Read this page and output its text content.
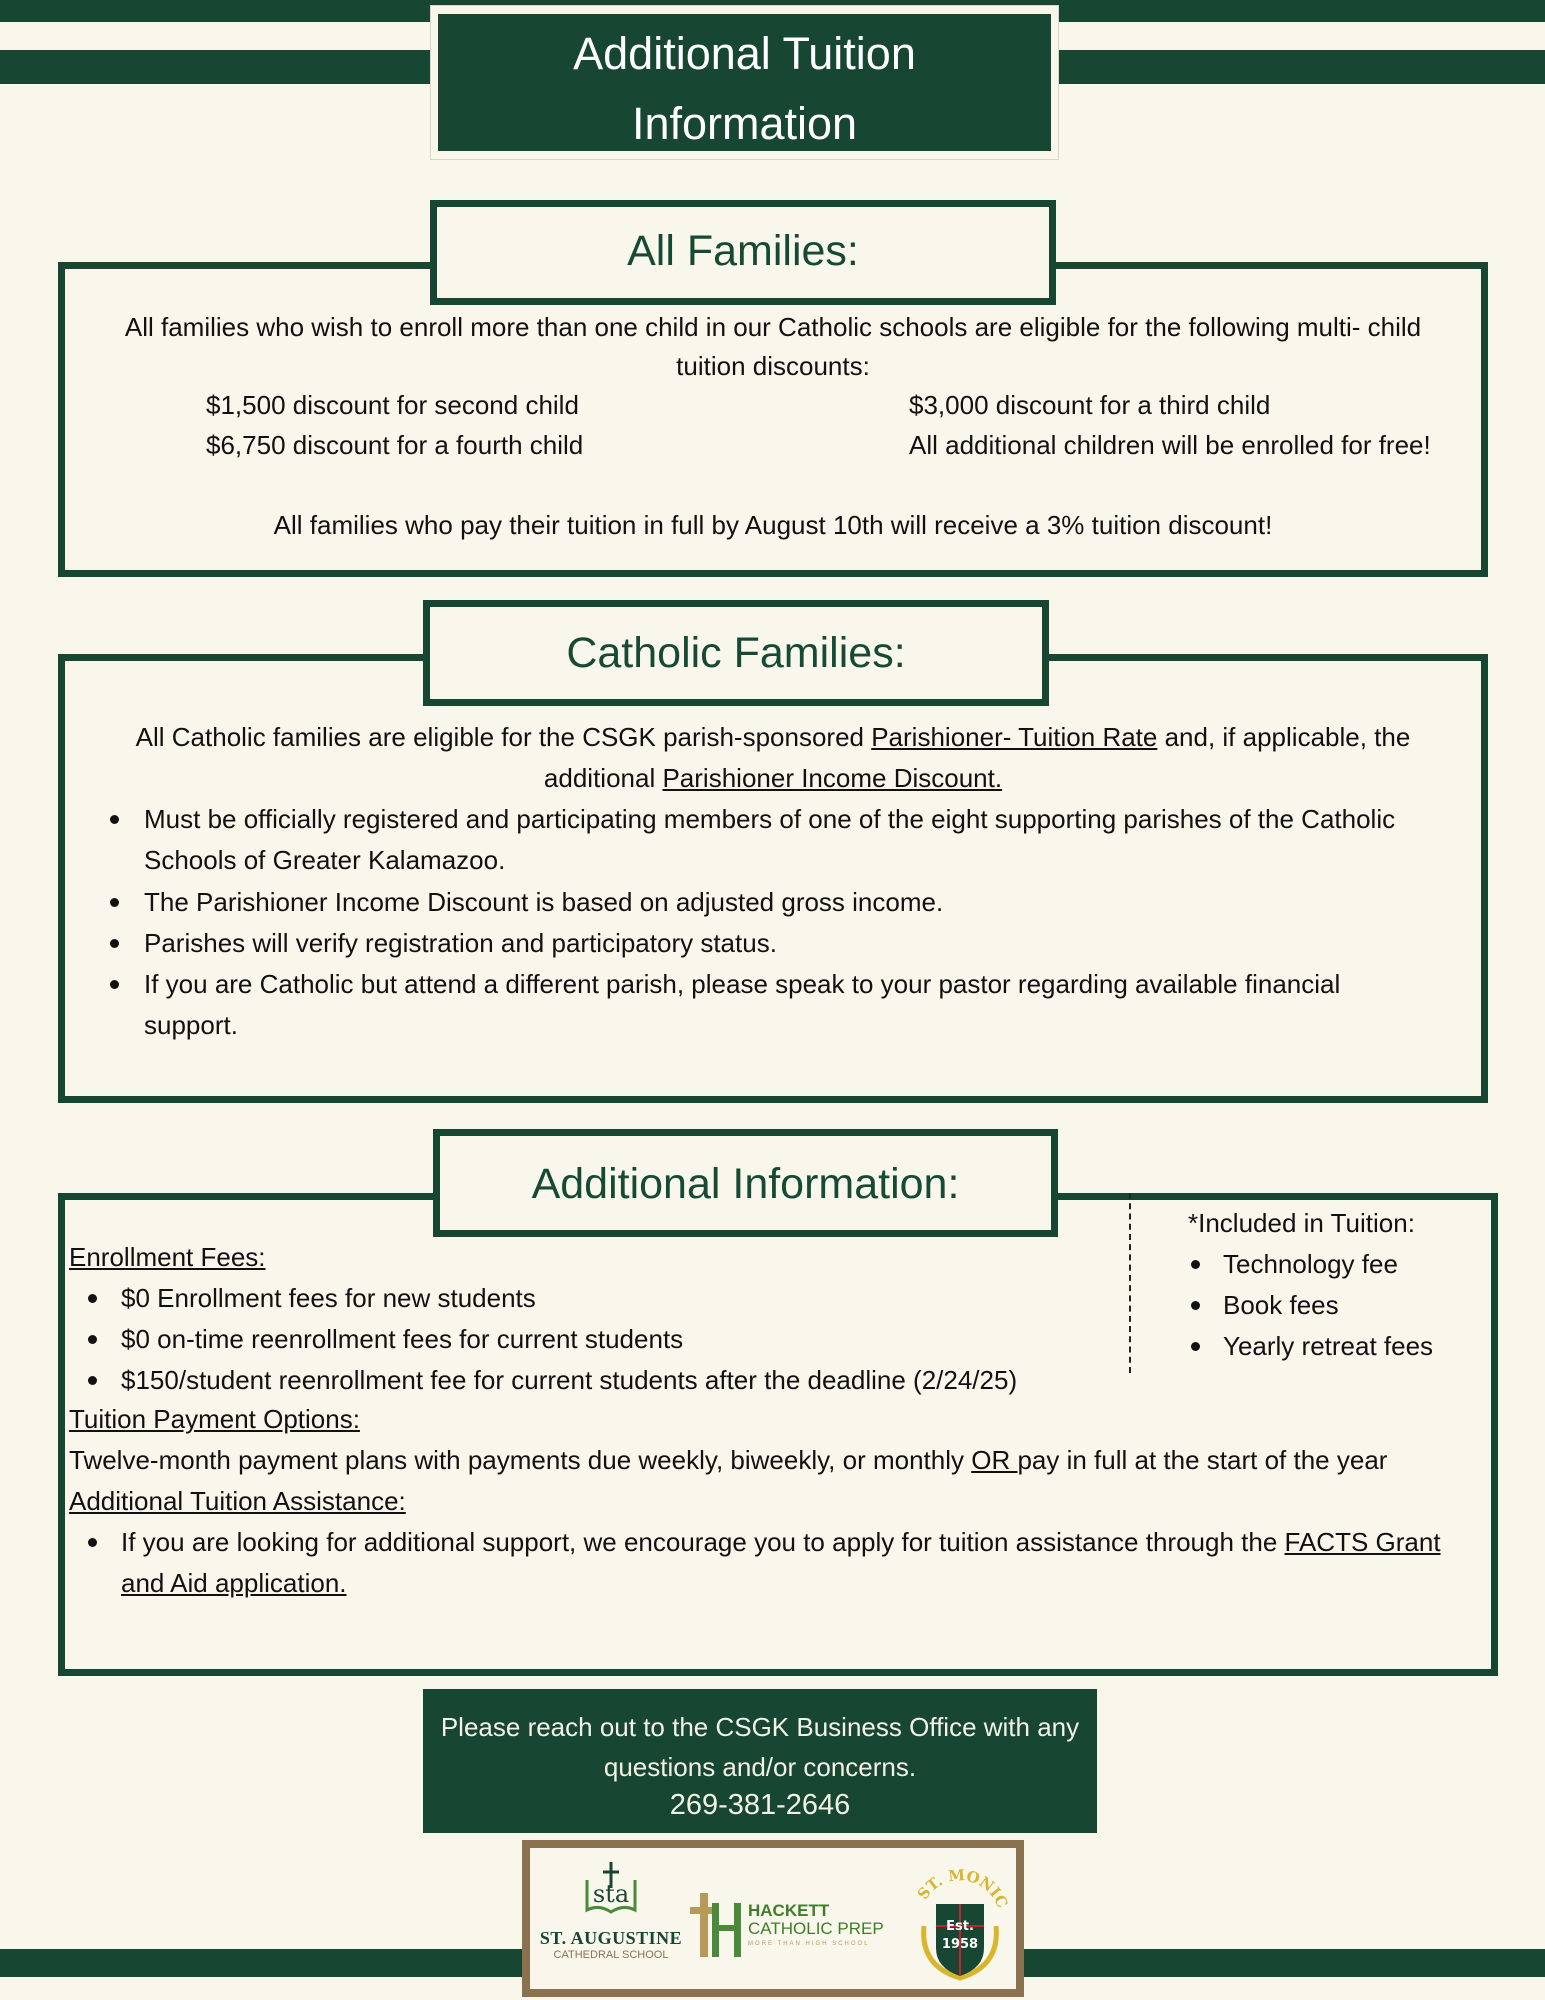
Additional Tuition
Information
All Families:
All families who wish to enroll more than one child in our Catholic schools are eligible for the following multi- child
tuition discounts:
$1,500 discount for second child	$3,000 discount for a third child
$6,750 discount for a fourth child	All additional children will be enrolled for free!
All families who pay their tuition in full by August 10th will receive a 3% tuition discount!
Catholic Families:
All Catholic families are eligible for the CSGK parish-sponsored Parishioner- Tuition Rate and, if applicable, the
additional Parishioner Income Discount.
Must be officially registered and participating members of one of the eight supporting parishes of the Catholic
Schools of Greater Kalamazoo.
The Parishioner Income Discount is based on adjusted gross income.
Parishes will verify registration and participatory status.
If you are Catholic but attend a different parish, please speak to your pastor regarding available financial
support.
Additional Information:
Enrollment Fees:
$0 Enrollment fees for new students
$0 on-time reenrollment fees for current students
$150/student reenrollment fee for current students after the deadline (2/24/25)
Tuition Payment Options:
Twelve-month payment plans with payments due weekly, biweekly, or monthly OR pay in full at the start of the year
Additional Tuition Assistance:
If you are looking for additional support, we encourage you to apply for tuition assistance through the FACTS Grant
and Aid application.
*Included in Tuition:
Technology fee
Book fees
Yearly retreat fees
Please reach out to the CSGK Business Office with any
questions and/or concerns.
269-381-2646
sta
ST. AUGUSTINE
CATHEDRAL SCHOOL
HACKETT
CATHOLIC PREP
MORE THAN HIGH SCHOOL
ST. MONIC
Est.
1958
